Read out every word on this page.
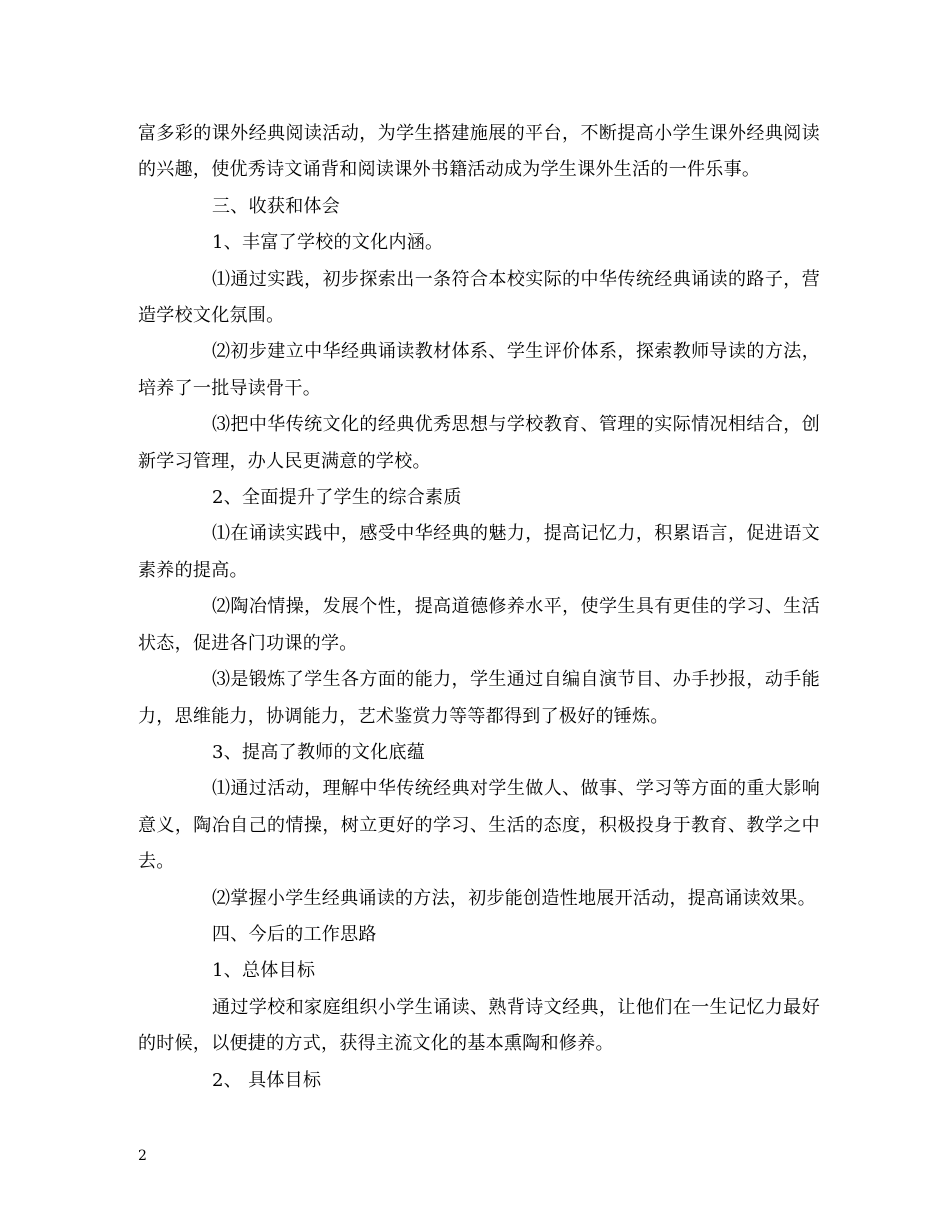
富多彩的课外经典阅读活动，为学生搭建施展的平台，不断提高小学生课外经典阅读的兴趣，使优秀诗文诵背和阅读课外书籍活动成为学生课外生活的一件乐事。

三、收获和体会

1、丰富了学校的文化内涵。

⑴通过实践，初步探索出一条符合本校实际的中华传统经典诵读的路子，营造学校文化氛围。

⑵初步建立中华经典诵读教材体系、学生评价体系，探索教师导读的方法，培养了一批导读骨干。

⑶把中华传统文化的经典优秀思想与学校教育、管理的实际情况相结合，创新学习管理，办人民更满意的学校。

2、全面提升了学生的综合素质

⑴在诵读实践中，感受中华经典的魅力，提高记忆力，积累语言，促进语文素养的提高。

⑵陶冶情操，发展个性，提高道德修养水平，使学生具有更佳的学习、生活状态，促进各门功课的学。

⑶是锻炼了学生各方面的能力，学生通过自编自演节目、办手抄报，动手能力，思维能力，协调能力，艺术鉴赏力等等都得到了极好的锤炼。

3、提高了教师的文化底蕴

⑴通过活动，理解中华传统经典对学生做人、做事、学习等方面的重大影响意义，陶冶自己的情操，树立更好的学习、生活的态度，积极投身于教育、教学之中去。

⑵掌握小学生经典诵读的方法，初步能创造性地展开活动，提高诵读效果。

四、今后的工作思路

1、总体目标

通过学校和家庭组织小学生诵读、熟背诗文经典，让他们在一生记忆力最好的时候，以便捷的方式，获得主流文化的基本熏陶和修养。

2、 具体目标

2
